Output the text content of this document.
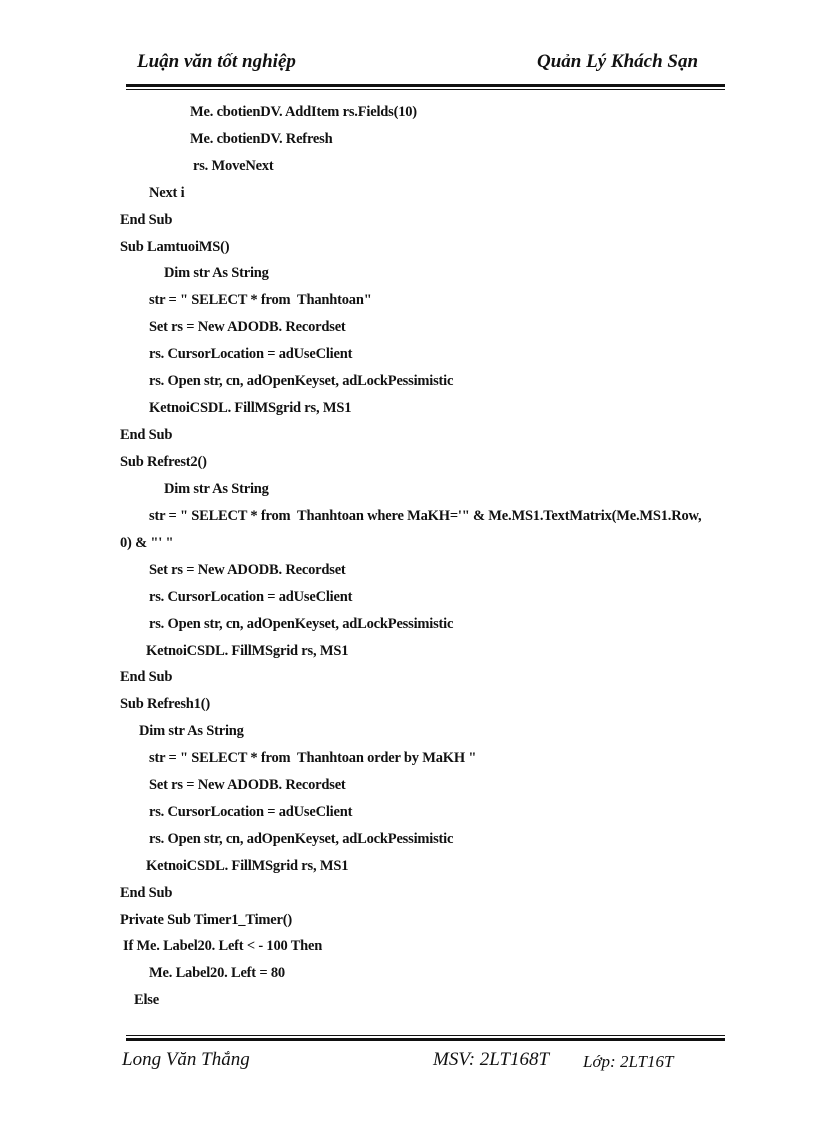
Luận văn tốt nghiệp	Quản Lý Khách Sạn
Me. cbotienDV. AddItem rs.Fields(10)
Me. cbotienDV. Refresh
rs. MoveNext
Next i
End Sub
Sub LamtuoiMS()
Dim str As String
str = " SELECT * from  Thanhtoan"
Set rs = New ADODB. Recordset
rs. CursorLocation = adUseClient
rs. Open str, cn, adOpenKeyset, adLockPessimistic
KetnoiCSDL. FillMSgrid rs, MS1
End Sub
Sub Refrest2()
Dim str As String
str = " SELECT * from  Thanhtoan where MaKH='" & Me.MS1.TextMatrix(Me.MS1.Row,
0) & "' "
Set rs = New ADODB. Recordset
rs. CursorLocation = adUseClient
rs. Open str, cn, adOpenKeyset, adLockPessimistic
KetnoiCSDL. FillMSgrid rs, MS1
End Sub
Sub Refresh1()
Dim str As String
str = " SELECT * from  Thanhtoan order by MaKH "
Set rs = New ADODB. Recordset
rs. CursorLocation = adUseClient
rs. Open str, cn, adOpenKeyset, adLockPessimistic
KetnoiCSDL. FillMSgrid rs, MS1
End Sub
Private Sub Timer1_Timer()
If Me. Label20. Left < - 100 Then
Me. Label20. Left = 80
Else
Long Văn Thắng	MSV: 2LT168T Lớp: 2LT16T
